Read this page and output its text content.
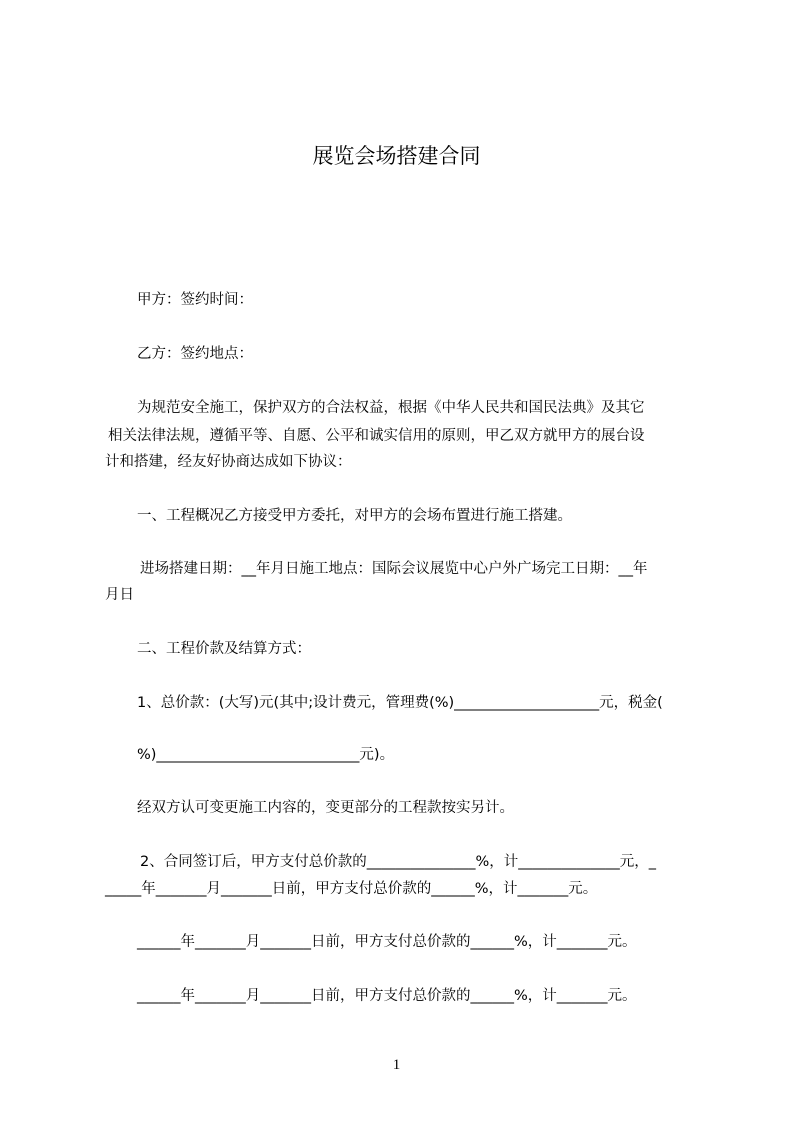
展览会场搭建合同
甲方：签约时间：
乙方：签约地点：
为规范安全施工，保护双方的合法权益，根据《中华人民共和国民法典》及其它
相关法律法规，遵循平等、自愿、公平和诚实信用的原则，甲乙双方就甲方的展台设
计和搭建，经友好协商达成如下协议：
一、工程概况乙方接受甲方委托，对甲方的会场布置进行施工搭建。
进场搭建日期：__年月日施工地点：国际会议展览中心户外广场完工日期：__年
月日
二、工程价款及结算方式：
1、总价款：(大写)元(其中;设计费元，管理费(%)____________________元，税金(
%)____________________________元)。
经双方认可变更施工内容的，变更部分的工程款按实另计。
2、合同签订后，甲方支付总价款的_______________%，计______________元，_
_____年_______月_______日前，甲方支付总价款的______%，计_______元。
______年_______月_______日前，甲方支付总价款的______%，计_______元。
______年_______月_______日前，甲方支付总价款的______%，计_______元。
1
